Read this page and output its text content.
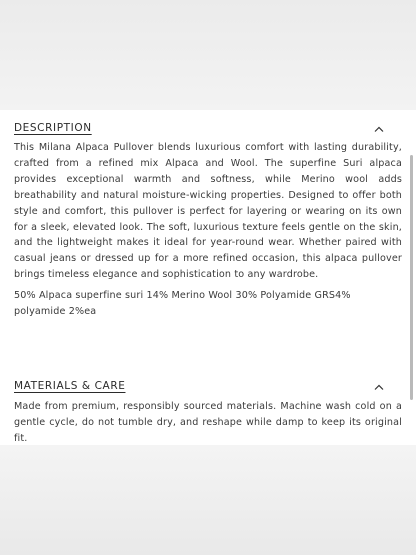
DESCRIPTION
This Milana Alpaca Pullover blends luxurious comfort with lasting durability, crafted from a refined mix Alpaca and Wool. The superfine Suri alpaca provides exceptional warmth and softness, while Merino wool adds breathability and natural moisture-wicking properties. Designed to offer both style and comfort, this pullover is perfect for layering or wearing on its own for a sleek, elevated look. The soft, luxurious texture feels gentle on the skin, and the lightweight makes it ideal for year-round wear. Whether paired with casual jeans or dressed up for a more refined occasion, this alpaca pullover brings timeless elegance and sophistication to any wardrobe.
50% Alpaca superfine suri 14% Merino Wool 30% Polyamide GRS4% polyamide 2%ea
MATERIALS & CARE
Made from premium, responsibly sourced materials. Machine wash cold on a gentle cycle, do not tumble dry, and reshape while damp to keep its original fit.
